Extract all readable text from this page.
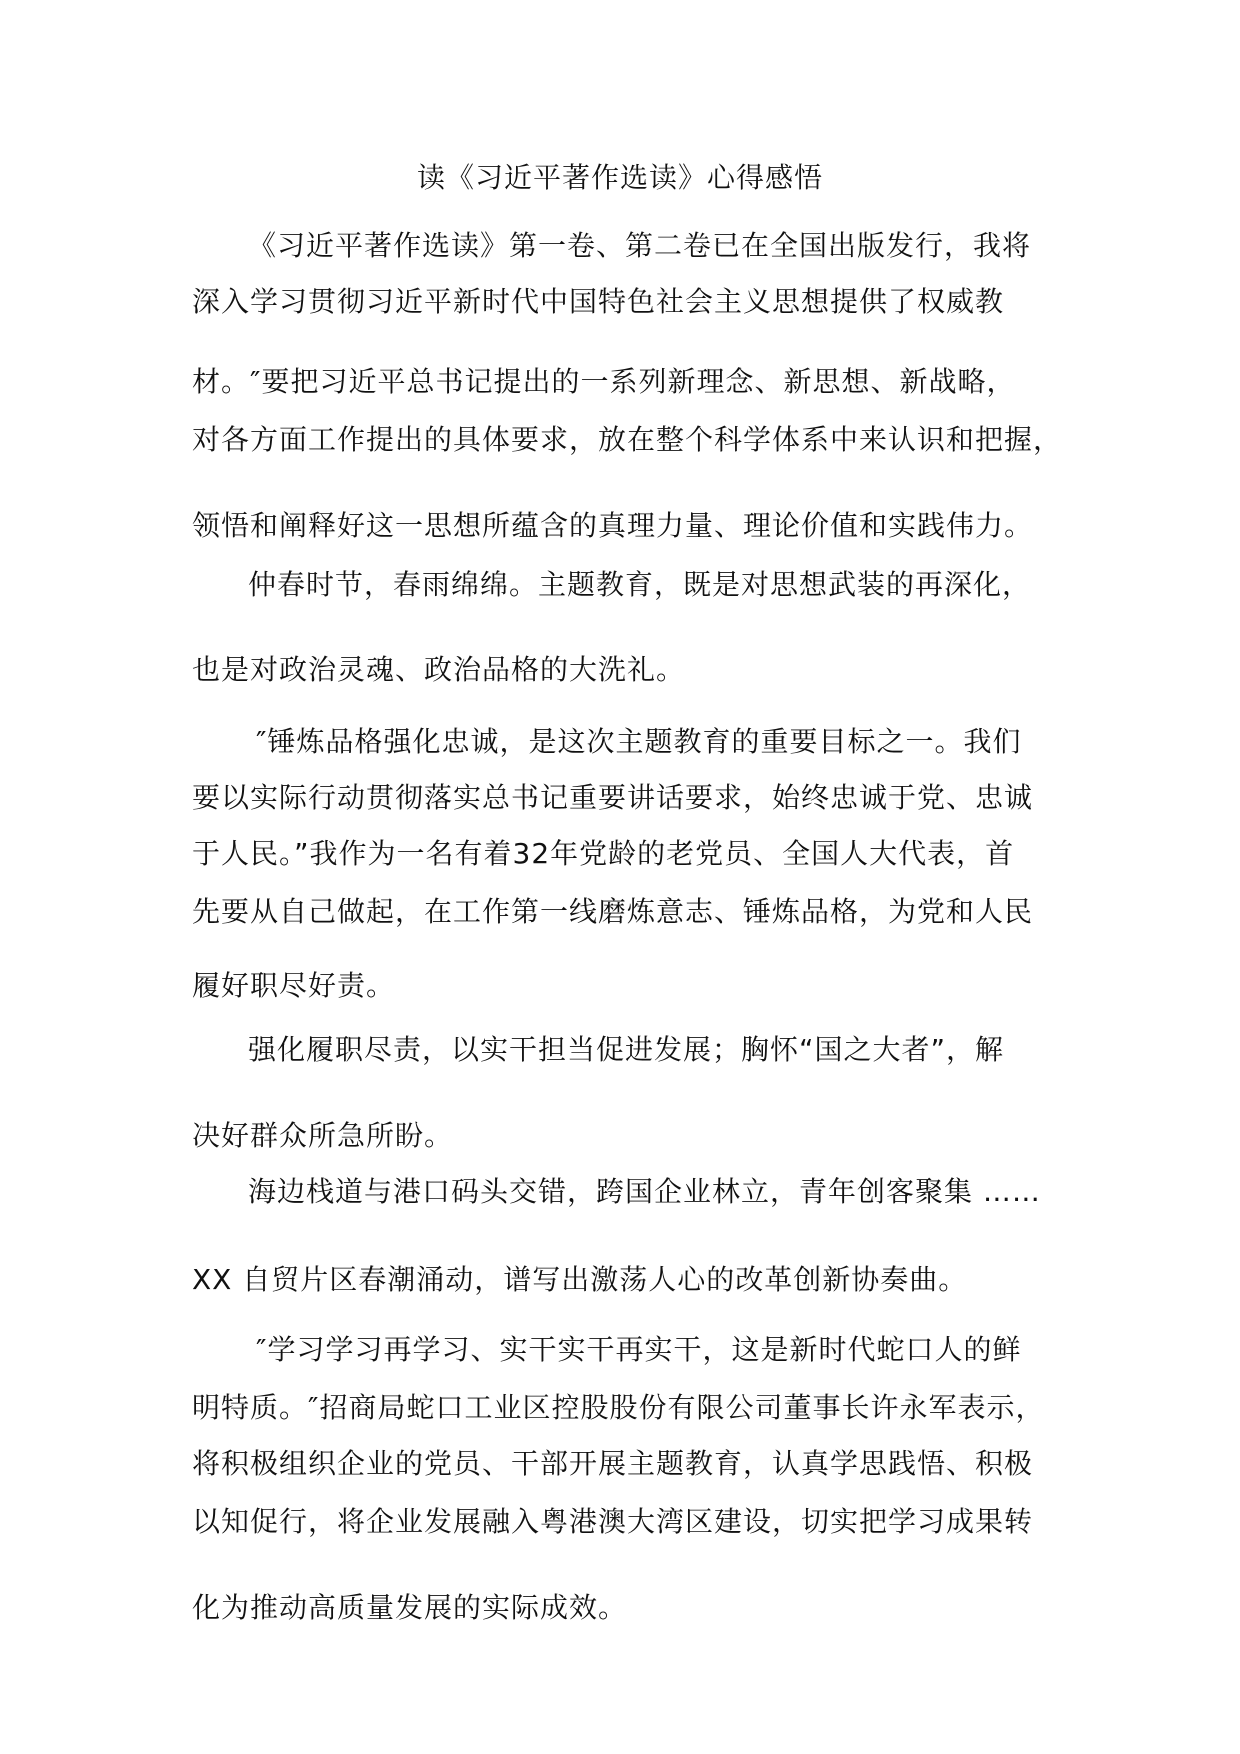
读《习近平著作选读》心得感悟
《习近平著作选读》第一卷、第二卷已在全国出版发行，我将
深入学习贯彻习近平新时代中国特色社会主义思想提供了权威教
材。″要把习近平总书记提出的一系列新理念、新思想、新战略，
对各方面工作提出的具体要求，放在整个科学体系中来认识和把握，
领悟和阐释好这一思想所蕴含的真理力量、理论价值和实践伟力。
仲春时节，春雨绵绵。主题教育，既是对思想武装的再深化，
也是对政治灵魂、政治品格的大洗礼。
″锤炼品格强化忠诚，是这次主题教育的重要目标之一。我们
要以实际行动贯彻落实总书记重要讲话要求，始终忠诚于党、忠诚
于人民。”我作为一名有着32年党龄的老党员、全国人大代表，首
先要从自己做起，在工作第一线磨炼意志、锤炼品格，为党和人民
履好职尽好责。
强化履职尽责，以实干担当促进发展；胸怀“国之大者”，解
决好群众所急所盼。
海边栈道与港口码头交错，跨国企业林立，青年创客聚集 ……
XX 自贸片区春潮涌动，谱写出激荡人心的改革创新协奏曲。
″学习学习再学习、实干实干再实干，这是新时代蛇口人的鲜
明特质。″招商局蛇口工业区控股股份有限公司董事长许永军表示，
将积极组织企业的党员、干部开展主题教育，认真学思践悟、积极
以知促行，将企业发展融入粤港澳大湾区建设，切实把学习成果转
化为推动高质量发展的实际成效。
